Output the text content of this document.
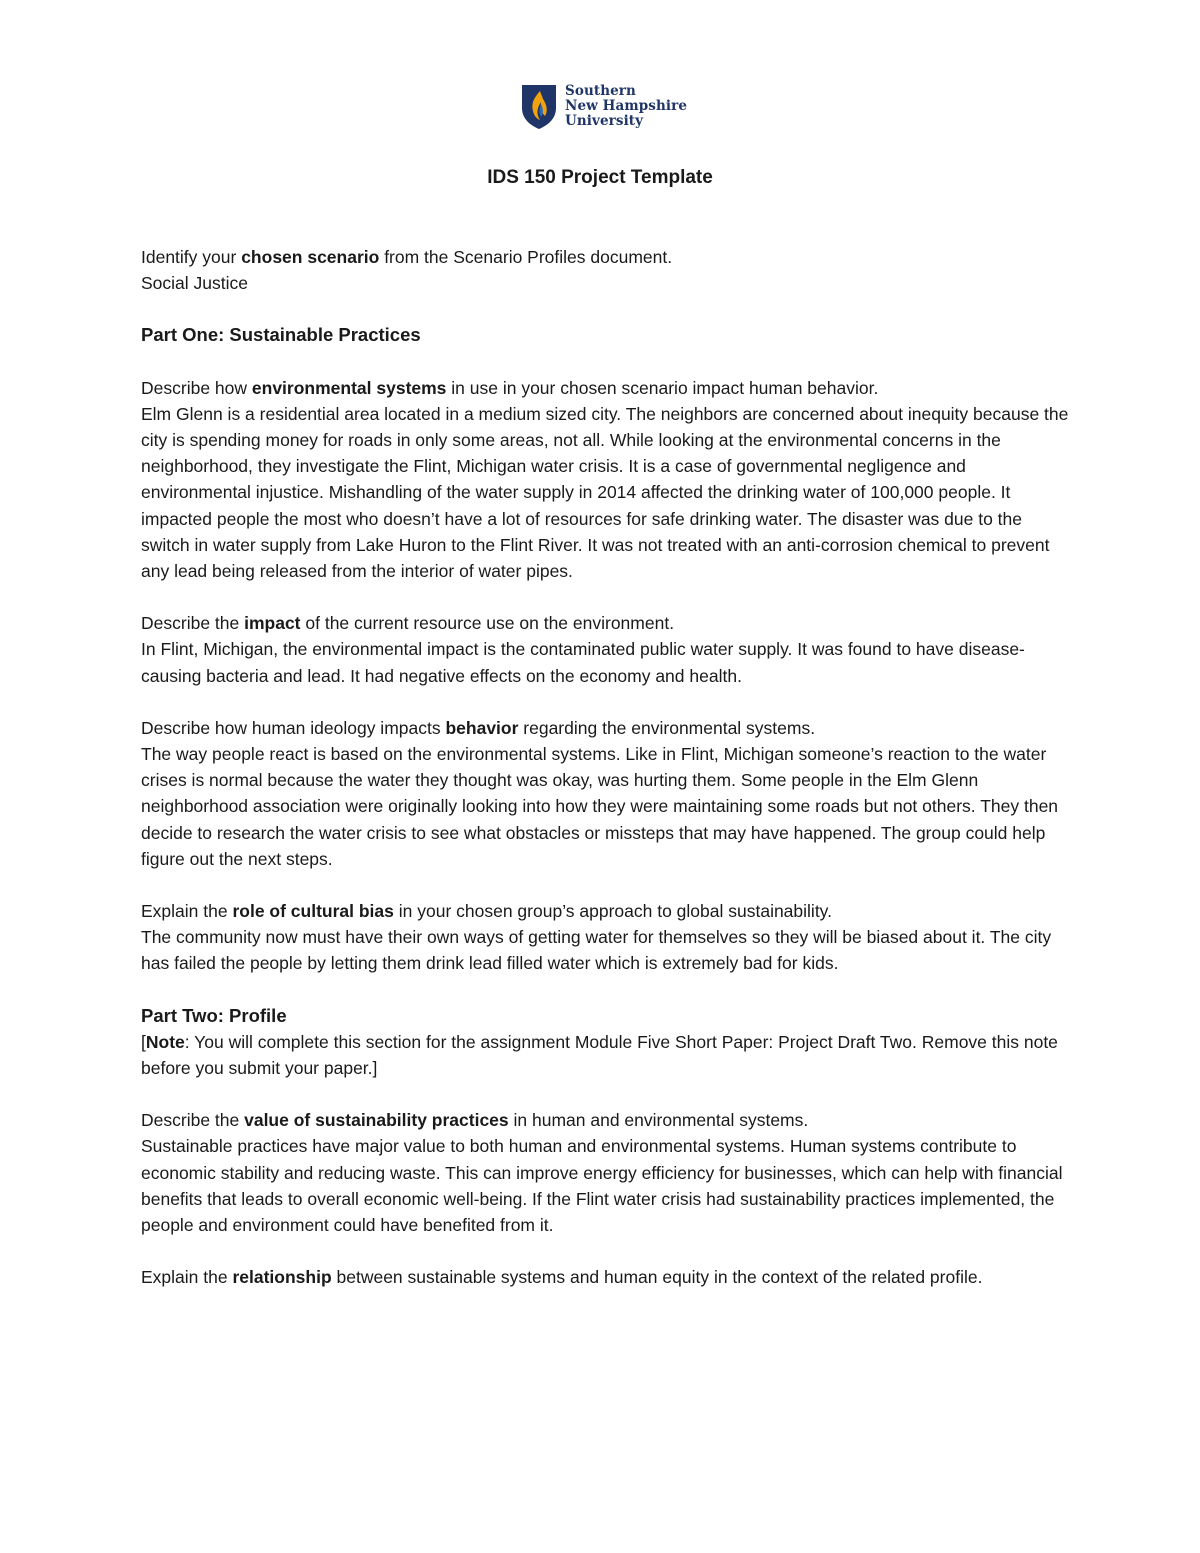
Southern
New Hampshire
University
IDS 150 Project Template

Identify your chosen scenario from the Scenario Profiles document.

Social Justice

Part One: Sustainable Practices

Describe how environmental systems in use in your chosen scenario impact human behavior.

Elm Glenn is a residential area located in a medium sized city. The neighbors are concerned about inequity because the city is spending money for roads in only some areas, not all. While looking at the environmental concerns in the neighborhood, they investigate the Flint, Michigan water crisis. It is a case of governmental negligence and environmental injustice. Mishandling of the water supply in 2014 affected the drinking water of 100,000 people. It impacted people the most who doesn’t have a lot of resources for safe drinking water. The disaster was due to the switch in water supply from Lake Huron to the Flint River. It was not treated with an anti-corrosion chemical to prevent any lead being released from the interior of water pipes.

Describe the impact of the current resource use on the environment.

In Flint, Michigan, the environmental impact is the contaminated public water supply. It was found to have disease-causing bacteria and lead. It had negative effects on the economy and health.

Describe how human ideology impacts behavior regarding the environmental systems.

The way people react is based on the environmental systems. Like in Flint, Michigan someone’s reaction to the water crises is normal because the water they thought was okay, was hurting them. Some people in the Elm Glenn neighborhood association were originally looking into how they were maintaining some roads but not others. They then decide to research the water crisis to see what obstacles or missteps that may have happened. The group could help figure out the next steps.

Explain the role of cultural bias in your chosen group’s approach to global sustainability.

The community now must have their own ways of getting water for themselves so they will be biased about it. The city has failed the people by letting them drink lead filled water which is extremely bad for kids.

Part Two: Profile

[Note: You will complete this section for the assignment Module Five Short Paper: Project Draft Two. Remove this note before you submit your paper.]

Describe the value of sustainability practices in human and environmental systems.

Sustainable practices have major value to both human and environmental systems. Human systems contribute to economic stability and reducing waste. This can improve energy efficiency for businesses, which can help with financial benefits that leads to overall economic well-being. If the Flint water crisis had sustainability practices implemented, the people and environment could have benefited from it.

Explain the relationship between sustainable systems and human equity in the context of the related profile.
